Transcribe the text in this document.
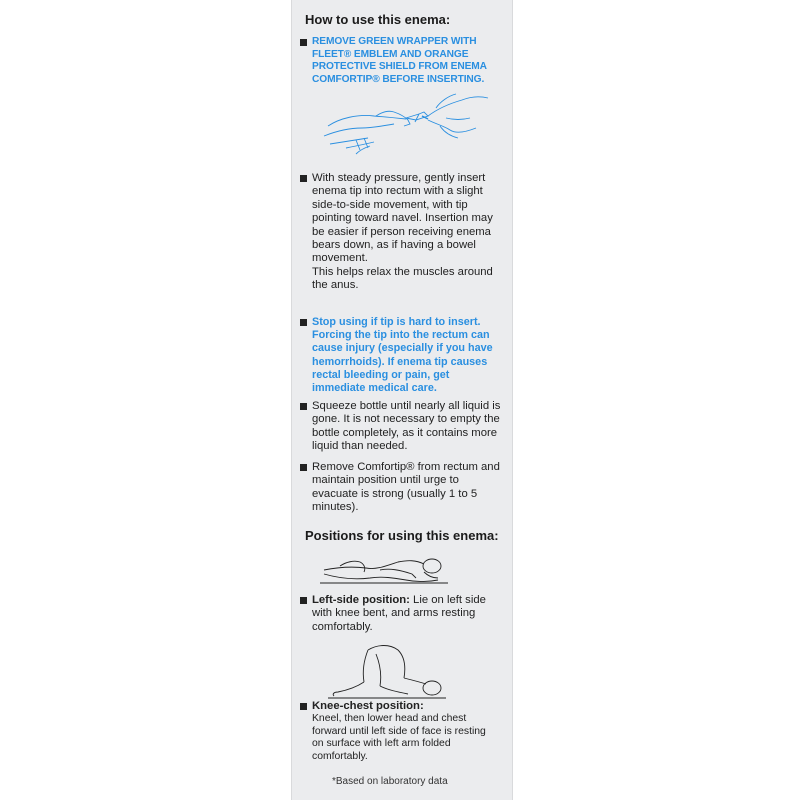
How to use this enema:
REMOVE GREEN WRAPPER WITH FLEET® EMBLEM AND ORANGE PROTECTIVE SHIELD FROM ENEMA COMFORTIP® BEFORE INSERTING.
With steady pressure, gently insert enema tip into rectum with a slight side-to-side movement, with tip pointing toward navel. Insertion may be easier if person receiving enema bears down, as if having a bowel movement.
This helps relax the muscles around the anus.
Stop using if tip is hard to insert. Forcing the tip into the rectum can cause injury (especially if you have hemorrhoids). If enema tip causes rectal bleeding or pain, get immediate medical care.
Squeeze bottle until nearly all liquid is gone. It is not necessary to empty the bottle completely, as it contains more liquid than needed.
Remove Comfortip® from rectum and maintain position until urge to evacuate is strong (usually 1 to 5 minutes).
Positions for using this enema:
Left-side position: Lie on left side with knee bent, and arms resting comfortably.
Knee-chest position:
Kneel, then lower head and chest forward until left side of face is resting on surface with left arm folded comfortably.
*Based on laboratory data
